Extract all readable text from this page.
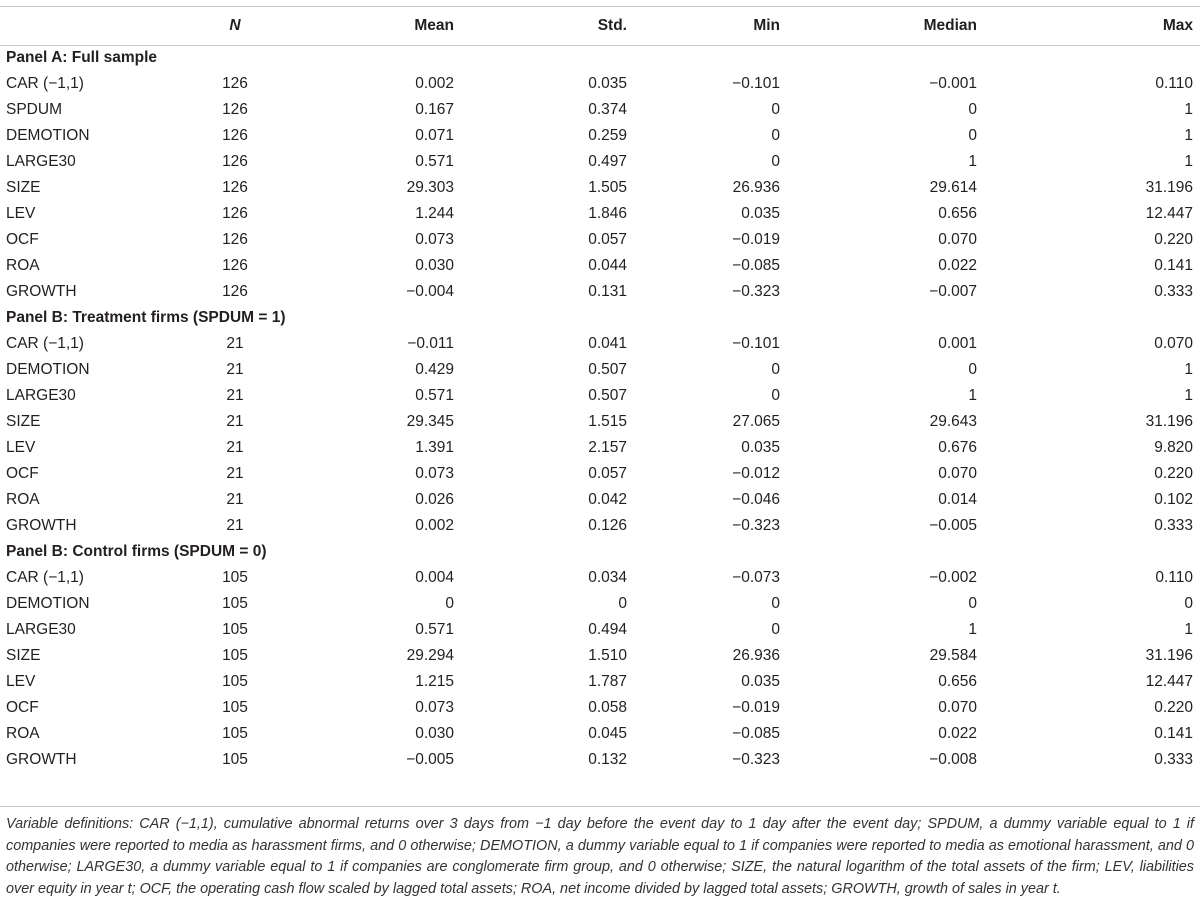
	N	Mean	Std.	Min	Median	Max
Panel A: Full sample						
CAR (−1,1)	126	0.002	0.035	−0.101	−0.001	0.110
SPDUM	126	0.167	0.374	0	0	1
DEMOTION	126	0.071	0.259	0	0	1
LARGE30	126	0.571	0.497	0	1	1
SIZE	126	29.303	1.505	26.936	29.614	31.196
LEV	126	1.244	1.846	0.035	0.656	12.447
OCF	126	0.073	0.057	−0.019	0.070	0.220
ROA	126	0.030	0.044	−0.085	0.022	0.141
GROWTH	126	−0.004	0.131	−0.323	−0.007	0.333
Panel B: Treatment firms (SPDUM = 1)						
CAR (−1,1)	21	−0.011	0.041	−0.101	0.001	0.070
DEMOTION	21	0.429	0.507	0	0	1
LARGE30	21	0.571	0.507	0	1	1
SIZE	21	29.345	1.515	27.065	29.643	31.196
LEV	21	1.391	2.157	0.035	0.676	9.820
OCF	21	0.073	0.057	−0.012	0.070	0.220
ROA	21	0.026	0.042	−0.046	0.014	0.102
GROWTH	21	0.002	0.126	−0.323	−0.005	0.333
Panel B: Control firms (SPDUM = 0)						
CAR (−1,1)	105	0.004	0.034	−0.073	−0.002	0.110
DEMOTION	105	0	0	0	0	0
LARGE30	105	0.571	0.494	0	1	1
SIZE	105	29.294	1.510	26.936	29.584	31.196
LEV	105	1.215	1.787	0.035	0.656	12.447
OCF	105	0.073	0.058	−0.019	0.070	0.220
ROA	105	0.030	0.045	−0.085	0.022	0.141
GROWTH	105	−0.005	0.132	−0.323	−0.008	0.333
Variable definitions: CAR (−1,1), cumulative abnormal returns over 3 days from −1 day before the event day to 1 day after the event day; SPDUM, a dummy variable equal to 1 if companies were reported to media as harassment firms, and 0 otherwise; DEMOTION, a dummy variable equal to 1 if companies were reported to media as emotional harassment, and 0 otherwise; LARGE30, a dummy variable equal to 1 if companies are conglomerate firm group, and 0 otherwise; SIZE, the natural logarithm of the total assets of the firm; LEV, liabilities over equity in year t; OCF, the operating cash flow scaled by lagged total assets; ROA, net income divided by lagged total assets; GROWTH, growth of sales in year t.
